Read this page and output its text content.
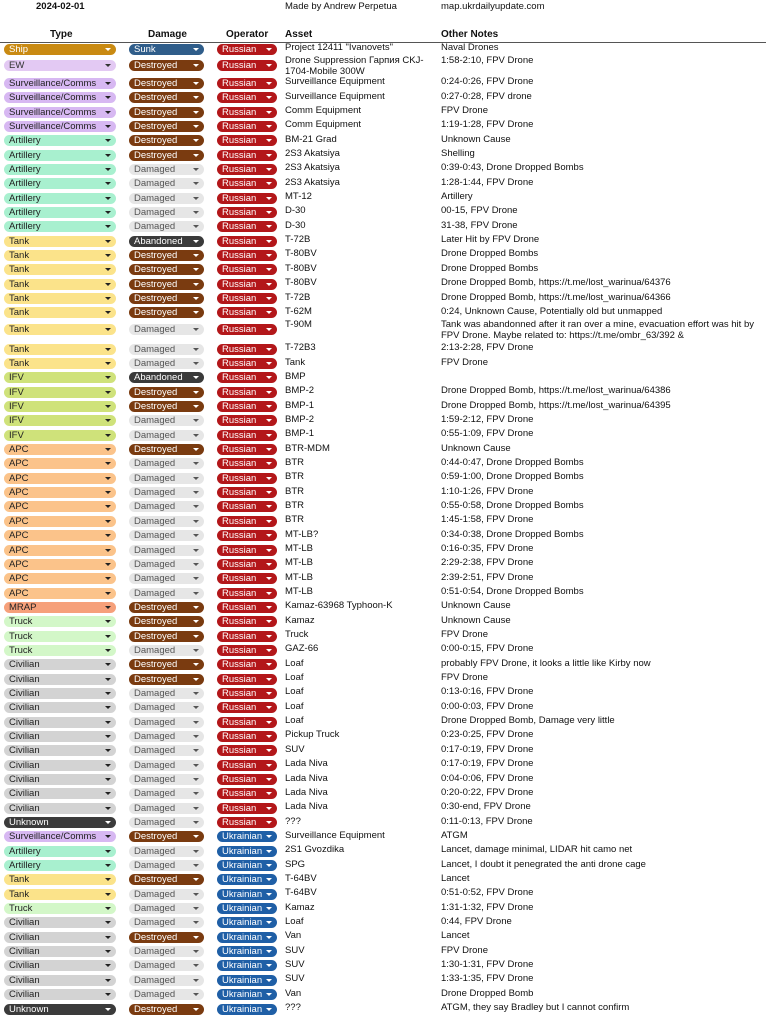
2024-02-01	Made by Andrew Perpetua	map.ukrdailyupdate.com
Type	Damage	Operator Asset	Other Notes
Ship	Sunk	Russian	Project 12411 "Ivanovets"	Naval Drones
EW	Destroyed	Russian	Drone Suppression Гарпия CKJ-1704-Mobile 300W
1:58-2:10, FPV Drone
Surveillance/Comms	Destroyed	Russian	Surveillance Equipment	0:24-0:26, FPV Drone
Surveillance/Comms	Destroyed	Russian	Surveillance Equipment	0:27-0:28, FPV drone
Surveillance/Comms	Destroyed	Russian	Comm Equipment	FPV Drone
Surveillance/Comms	Destroyed	Russian	Comm Equipment	1:19-1:28, FPV Drone
Artillery	Destroyed	Russian	BM-21 Grad	Unknown Cause
Artillery	Destroyed	Russian	2S3 Akatsiya	Shelling
Artillery	Damaged	Russian	2S3 Akatsiya	0:39-0:43, Drone Dropped Bombs
Artillery	Damaged	Russian	2S3 Akatsiya	1:28-1:44, FPV Drone
Artillery	Damaged	Russian	MT-12	Artillery
Artillery	Damaged	Russian	D-30	00-15, FPV Drone
Artillery	Damaged	Russian	D-30	31-38, FPV Drone
Tank	Abandoned	Russian	T-72B	Later Hit by FPV Drone
Tank	Destroyed	Russian	T-80BV	Drone Dropped Bombs
Tank	Destroyed	Russian	T-80BV	Drone Dropped Bombs
Tank	Destroyed	Russian	T-80BV	Drone Dropped Bomb, https://t.me/lost_warinua/64376
Tank	Destroyed	Russian	T-72B	Drone Dropped Bomb, https://t.me/lost_warinua/64366
Tank	Destroyed	Russian	T-62M	0:24, Unknown Cause, Potentially old but unmapped
Tank	Damaged	Russian	T-90M	Tank was abandonned after it ran over a mine, evacuation effort was hit by FPV Drone. Maybe related to: https://t.me/ombr_63/392 &
Tank	Damaged	Russian	T-72B3	2:13-2:28, FPV Drone
Tank	Damaged	Russian	Tank	FPV Drone
IFV	Abandoned	Russian	BMP
IFV	Destroyed	Russian	BMP-2	Drone Dropped Bomb, https://t.me/lost_warinua/64386
IFV	Destroyed	Russian	BMP-1	Drone Dropped Bomb, https://t.me/lost_warinua/64395
IFV	Damaged	Russian	BMP-2	1:59-2:12, FPV Drone
IFV	Damaged	Russian	BMP-1	0:55-1:09, FPV Drone
APC	Destroyed	Russian	BTR-MDM	Unknown Cause
APC	Damaged	Russian	BTR	0:44-0:47, Drone Dropped Bombs
APC	Damaged	Russian	BTR	0:59-1:00, Drone Dropped Bombs
APC	Damaged	Russian	BTR	1:10-1:26, FPV Drone
APC	Damaged	Russian	BTR	0:55-0:58, Drone Dropped Bombs
APC	Damaged	Russian	BTR	1:45-1:58, FPV Drone
APC	Damaged	Russian	MT-LB?	0:34-0:38, Drone Dropped Bombs
APC	Damaged	Russian	MT-LB	0:16-0:35, FPV Drone
APC	Damaged	Russian	MT-LB	2:29-2:38, FPV Drone
APC	Damaged	Russian	MT-LB	2:39-2:51, FPV Drone
APC	Damaged	Russian	MT-LB	0:51-0:54, Drone Dropped Bombs
MRAP	Destroyed	Russian	Kamaz-63968 Typhoon-K	Unknown Cause
Truck	Destroyed	Russian	Kamaz	Unknown Cause
Truck	Destroyed	Russian	Truck	FPV Drone
Truck	Damaged	Russian	GAZ-66	0:00-0:15, FPV Drone
Civilian	Destroyed	Russian	Loaf	probably FPV Drone, it looks a little like Kirby now
Civilian	Destroyed	Russian	Loaf	FPV Drone
Civilian	Damaged	Russian	Loaf	0:13-0:16, FPV Drone
Civilian	Damaged	Russian	Loaf	0:00-0:03, FPV Drone
Civilian	Damaged	Russian	Loaf	Drone Dropped Bomb, Damage very little
Civilian	Damaged	Russian	Pickup Truck	0:23-0:25, FPV Drone
Civilian	Damaged	Russian	SUV	0:17-0:19, FPV Drone
Civilian	Damaged	Russian	Lada Niva	0:17-0:19, FPV Drone
Civilian	Damaged	Russian	Lada Niva	0:04-0:06, FPV Drone
Civilian	Damaged	Russian	Lada Niva	0:20-0:22, FPV Drone
Civilian	Damaged	Russian	Lada Niva	0:30-end, FPV Drone
Unknown	Damaged	Russian	???	0:11-0:13, FPV Drone
Surveillance/Comms	Destroyed	Ukrainian	Surveillance Equipment	ATGM
Artillery	Damaged	Ukrainian	2S1 Gvozdika	Lancet, damage minimal, LIDAR hit camo net
Artillery	Damaged	Ukrainian	SPG	Lancet, I doubt it penegrated the anti drone cage
Tank	Destroyed	Ukrainian	T-64BV	Lancet
Tank	Damaged	Ukrainian	T-64BV	0:51-0:52, FPV Drone
Truck	Damaged	Ukrainian	Kamaz	1:31-1:32, FPV Drone
Civilian	Damaged	Ukrainian	Loaf	0:44, FPV Drone
Civilian	Destroyed	Ukrainian	Van	Lancet
Civilian	Damaged	Ukrainian	SUV	FPV Drone
Civilian	Damaged	Ukrainian	SUV	1:30-1:31, FPV Drone
Civilian	Damaged	Ukrainian	SUV	1:33-1:35, FPV Drone
Civilian	Damaged	Ukrainian	Van	Drone Dropped Bomb
Unknown	Destroyed	Ukrainian	???	ATGM, they say Bradley but I cannot confirm
